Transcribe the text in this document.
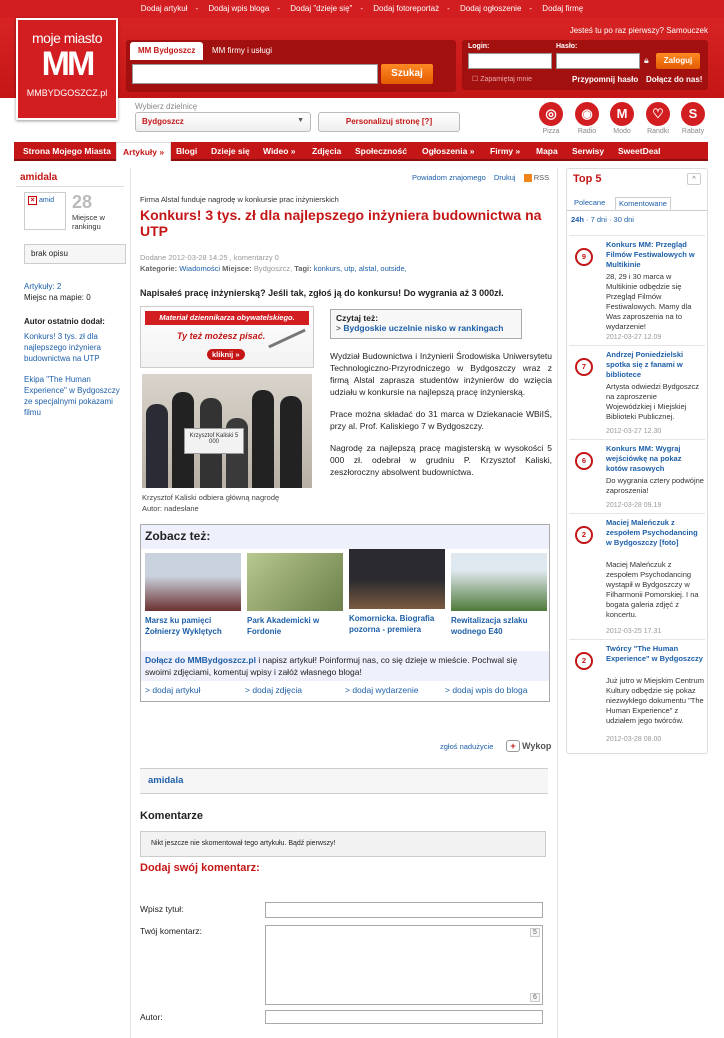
Dodaj artykuł - Dodaj wpis bloga - Dodaj "dzieje się" - Dodaj fotoreportaż - Dodaj ogłoszenie - Dodaj firmę
Jesteś tu po raz pierwszy? Samouczek
moje miasto
MM
MMBYDGOSZCZ.pl
MM Bydgoszcz	MM firmy i usługi
Szukaj
Login:	Hasło:
🔒︎	Zaloguj
☐ Zapamiętaj mnie	Przypomnij hasło Dołącz do nas!
Wybierz dzielnicę
Bydgoszcz	▼	Personalizuj stronę [?]
◎
Pizza
◉
Radio
M
Modo
♡
Randki
S
Rabaty
Strona Mojego Miasta	Artykuły »	Blogi Dzieje się Wideo » Zdjęcia Społeczność Ogłoszenia » Firmy » Mapa Serwisy SweetDeal
amidala
× amid 28
Miejsce w rankingu
brak opisu
Artykuły: 2
Miejsc na mapie: 0
Autor ostatnio dodał:
Konkurs! 3 tys. zł dla najlepszego inżyniera budownictwa na UTP
Ekipa "The Human Experience" w Bydgoszczy ze specjalnymi pokazami filmu
Powiadom znajomego Drukuj RSS
Firma Alstal funduje nagrodę w konkursie prac inżynierskich
Konkurs! 3 tys. zł dla najlepszego inżyniera budownictwa na UTP
Dodane 2012-03-28 14.25 , komentarzy 0
Kategorie: Wiadomości Miejsce: Bydgoszcz, Tagi: konkurs, utp, alstal, outside,
Napisałeś pracę inżynierską? Jeśli tak, zgłoś ją do konkursu! Do wygrania aż 3 000zł.
Materiał dziennikarza obywatelskiego.
Ty też możesz pisać.
kliknij »
Krzysztof Kaliski 5 000
Krzysztof Kaliski odbiera główną nagrodę
Autor: nadesłane
Czytaj też:
> Bydgoskie uczelnie nisko w rankingach

Wydział Budownictwa i Inżynierii Środowiska Uniwersytetu Technologiczno-Przyrodniczego w Bydgoszczy wraz z firmą Alstal zaprasza studentów inżynierów do wzięcia udziału w konkursie na najlepszą pracę inżynierską.

Prace można składać do 31 marca w Dziekanacie WBiIŚ, przy al. Prof. Kaliskiego 7 w Bydgoszczy.

Nagrodę za najlepszą pracę magisterską w wysokości 5 000 zł. odebrał w grudniu P. Krzysztof Kaliski, zeszłoroczny absolwent budownictwa.

Zobacz też:
Marsz ku pamięci Żołnierzy Wyklętych
Park Akademicki w Fordonie
Komornicka. Biografia pozorna - premiera
Rewitalizacja szlaku wodnego E40
Dołącz do MMBydgoszcz.pl i napisz artykuł! Poinformuj nas, co się dzieje w mieście. Pochwal się swoimi zdjęciami, komentuj wpisy i załóż własnego bloga!
> dodaj artykuł	> dodaj zdjęcia	> dodaj wydarzenie	> dodaj wpis do bloga
zgłoś nadużycie	+ Wykop
amidala
Komentarze
Nikt jeszcze nie skomentował tego artykułu. Bądź pierwszy!
Dodaj swój komentarz:
Wpisz tytuł:
Twój komentarz:	5
6
Autor:
Top 5	^
Polecane	Komentowane
24h · 7 dni · 30 dni
9
Konkurs MM: Przegląd Filmów Festiwalowych w Multikinie
28, 29 i 30 marca w Multikinie odbędzie się Przegląd Filmów Festiwalowych. Mamy dla Was zaproszenia na to wydarzenie!
2012-03-27 12.09
7
Andrzej Poniedzielski spotka się z fanami w bibliotece
Artysta odwiedzi Bydgoszcz na zaproszenie Wojewódzkiej i Miejskiej Biblioteki Publicznej.
2012-03-27 12.30
6
Konkurs MM: Wygraj wejściówkę na pokaz kotów rasowych
Do wygrania cztery podwójne zaproszenia!
2012-03-28 09.19
2
Maciej Maleńczuk z zespołem Psychodancing w Bydgoszczy [foto]
Maciej Maleńczuk z zespołem Psychodancing wystąpił w Bydgoszczy w Filharmonii Pomorskiej. I na bogata galeria zdjęć z koncertu.
2012-03-25 17.31
2
Twórcy "The Human Experience" w Bydgoszczy
Już jutro w Miejskim Centrum Kultury odbędzie się pokaz niezwykłego dokumentu "The Human Experience" z udziałem jego twórców.
2012-03-28 08.00
